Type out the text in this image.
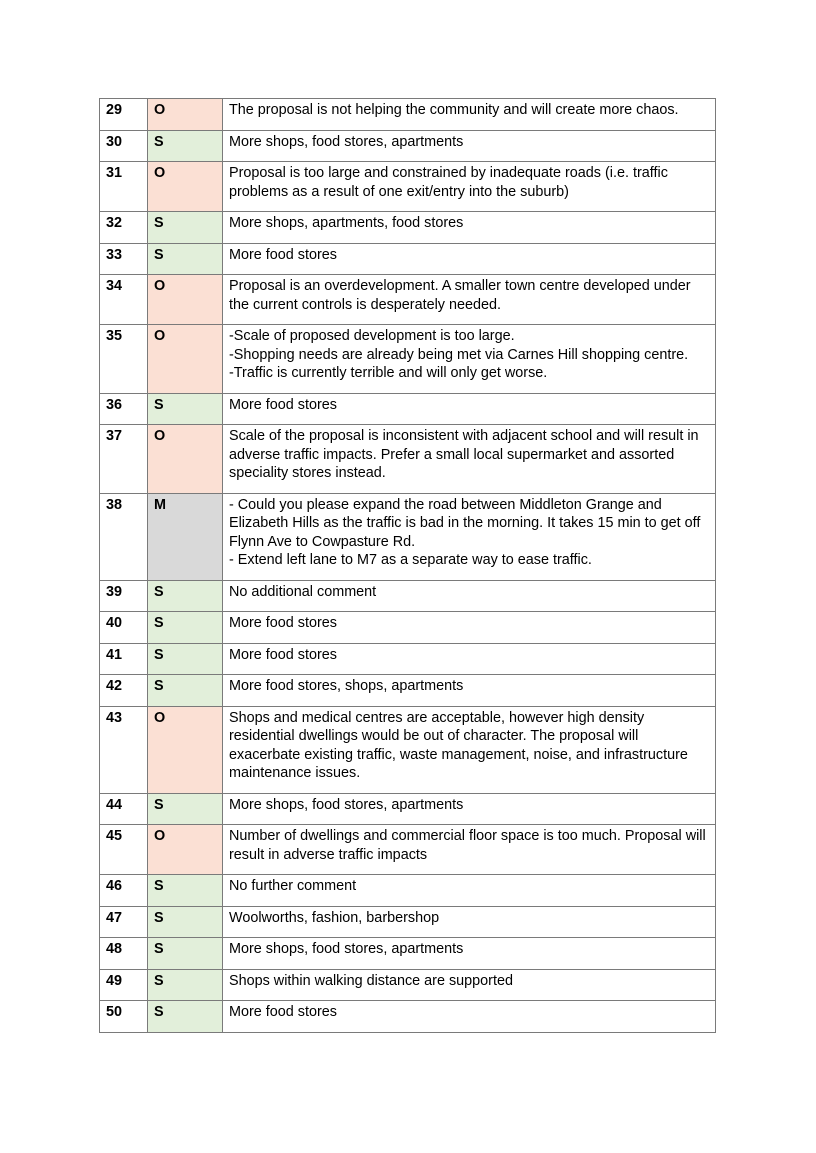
29	O	The proposal is not helping the community and will create more chaos.

30	S	More shops, food stores, apartments

31	O	Proposal is too large and constrained by inadequate roads (i.e. traffic problems as a result of one exit/entry into the suburb)

32	S	More shops, apartments, food stores

33	S	More food stores

34	O	Proposal is an overdevelopment. A smaller town centre developed under the current controls is desperately needed.

35	O	-Scale of proposed development is too large.
-Shopping needs are already being met via Carnes Hill shopping centre.
-Traffic is currently terrible and will only get worse.

36	S	More food stores

37	O	Scale of the proposal is inconsistent with adjacent school and will result in adverse traffic impacts. Prefer a small local supermarket and assorted speciality stores instead.

38	M	- Could you please expand the road between Middleton Grange and Elizabeth Hills as the traffic is bad in the morning. It takes 15 min to get off Flynn Ave to Cowpasture Rd.
- Extend left lane to M7 as a separate way to ease traffic.

39	S	No additional comment

40	S	More food stores

41	S	More food stores

42	S	More food stores, shops, apartments

43	O	Shops and medical centres are acceptable, however high density residential dwellings would be out of character. The proposal will exacerbate existing traffic, waste management, noise, and infrastructure maintenance issues.

44	S	More shops, food stores, apartments

45	O	Number of dwellings and commercial floor space is too much. Proposal will result in adverse traffic impacts

46	S	No further comment

47	S	Woolworths, fashion, barbershop

48	S	More shops, food stores, apartments

49	S	Shops within walking distance are supported

50	S	More food stores
